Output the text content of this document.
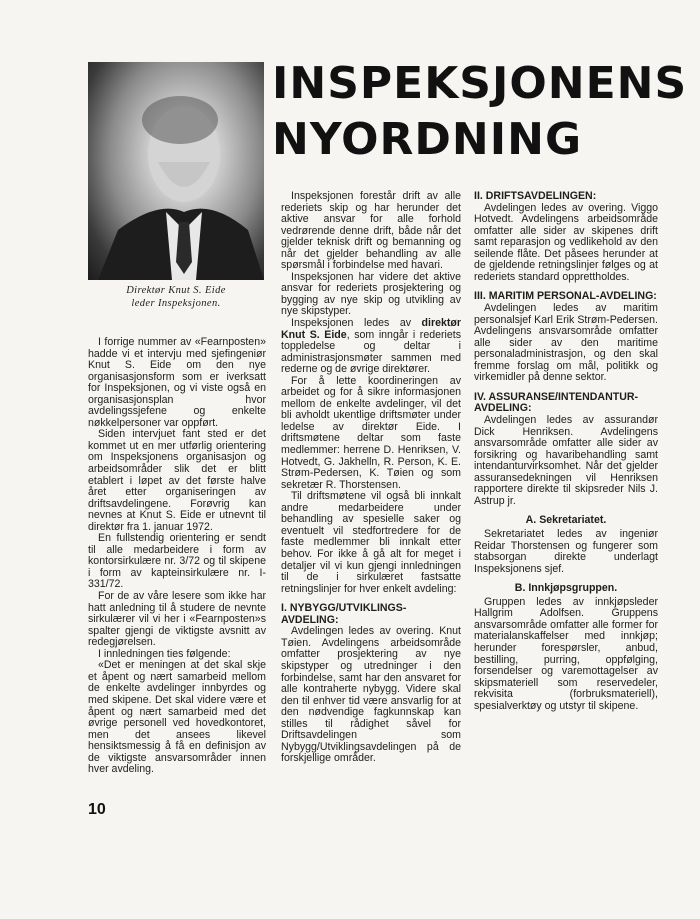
Direktør Knut S. Eide
leder Inspeksjonen.
INSPEKSJONENS
NYORDNING

I forrige nummer av «Fearnposten» hadde vi et intervju med sjefingeniør Knut S. Eide om den nye organisasjonsform som er iverksatt for Inspeksjonen, og vi viste også en organisasjonsplan hvor avdelingssjefene og enkelte nøkkelpersoner var oppført.

Siden intervjuet fant sted er det kommet ut en mer utførlig orientering om Inspeksjonens organisasjon og arbeidsområder slik det er blitt etablert i løpet av det første halve året etter organiseringen av driftsavdelingene. Forøvrig kan nevnes at Knut S. Eide er utnevnt til direktør fra 1. januar 1972.

En fullstendig orientering er sendt til alle medarbeidere i form av kontorsirkulære nr. 3/72 og til skipene i form av kapteinsirkulære nr. I-331/72.

For de av våre lesere som ikke har hatt anledning til å studere de nevnte sirkulærer vil vi her i «Fearnposten»s spalter gjengi de viktigste avsnitt av redegjørelsen.

I innledningen ties følgende:

«Det er meningen at det skal skje et åpent og nært samarbeid mellom de enkelte avdelinger innbyrdes og med skipene. Det skal videre være et åpent og nært samarbeid med det øvrige personell ved hovedkontoret, men det ansees likevel hensiktsmessig å få en definisjon av de viktigste ansvarsområder innen hver avdeling.

Inspeksjonen forestår drift av alle rederiets skip og har herunder det aktive ansvar for alle forhold vedrørende denne drift, både når det gjelder teknisk drift og bemanning og når det gjelder behandling av alle spørsmål i forbindelse med havari.

Inspeksjonen har videre det aktive ansvar for rederiets prosjektering og bygging av nye skip og utvikling av nye skipstyper.

Inspeksjonen ledes av direktør Knut S. Eide, som inngår i rederiets toppledelse og deltar i administrasjonsmøter sammen med rederne og de øvrige direktører.

For å lette koordineringen av arbeidet og for å sikre informasjonen mellom de enkelte avdelinger, vil det bli avholdt ukentlige driftsmøter under ledelse av direktør Eide. I driftsmøtene deltar som faste medlemmer: herrene D. Henriksen, V. Hotvedt, G. Jakhelln, R. Person, K. E. Strøm-Pedersen, K. Tøien og som sekretær R. Thorstensen.

Til driftsmøtene vil også bli innkalt andre medarbeidere under behandling av spesielle saker og eventuelt vil stedfortredere for de faste medlemmer bli innkalt etter behov. For ikke å gå alt for meget i detaljer vil vi kun gjengi innledningen til de i sirkulæret fastsatte retningslinjer for hver enkelt avdeling:

I. NYBYGG/UTVIKLINGS-AVDELING:

Avdelingen ledes av overing. Knut Tøien. Avdelingens arbeidsområde omfatter prosjektering av nye skipstyper og utredninger i den forbindelse, samt har den ansvaret for alle kontraherte nybygg. Videre skal den til enhver tid være ansvarlig for at den nødvendige fagkunnskap kan stilles til rådighet såvel for Driftsavdelingen som Nybygg/Utviklingsavdelingen på de forskjellige områder.

II. DRIFTSAVDELINGEN:

Avdelingen ledes av overing. Viggo Hotvedt. Avdelingens arbeidsområde omfatter alle sider av skipenes drift samt reparasjon og vedlikehold av den seilende flåte. Det påsees herunder at de gjeldende retningslinjer følges og at rederiets standard opprettholdes.

III. MARITIM PERSONAL-AVDELING:

Avdelingen ledes av maritim personalsjef Karl Erik Strøm-Pedersen. Avdelingens ansvarsområde omfatter alle sider av den maritime personaladministrasjon, og den skal fremme forslag om mål, politikk og virkemidler på denne sektor.

IV. ASSURANSE/INTENDANTUR-AVDELING:

Avdelingen ledes av assurandør Dick Henriksen. Avdelingens ansvarsområde omfatter alle sider av forsikring og havaribehandling samt intendanturvirksomhet. Når det gjelder assuransedekningen vil Henriksen rapportere direkte til skipsreder Nils J. Astrup jr.

A. Sekretariatet.

Sekretariatet ledes av ingeniør Reidar Thorstensen og fungerer som stabsorgan direkte underlagt Inspeksjonens sjef.

B. Innkjøpsgruppen.

Gruppen ledes av innkjøpsleder Hallgrim Adolfsen. Gruppens ansvarsområde omfatter alle former for materialanskaffelser med innkjøp; herunder forespørsler, anbud, bestilling, purring, oppfølging, forsendelser og varemottagelser av skipsmateriell som reservedeler, rekvisita (forbruksmateriell), spesialverktøy og utstyr til skipene.

10
